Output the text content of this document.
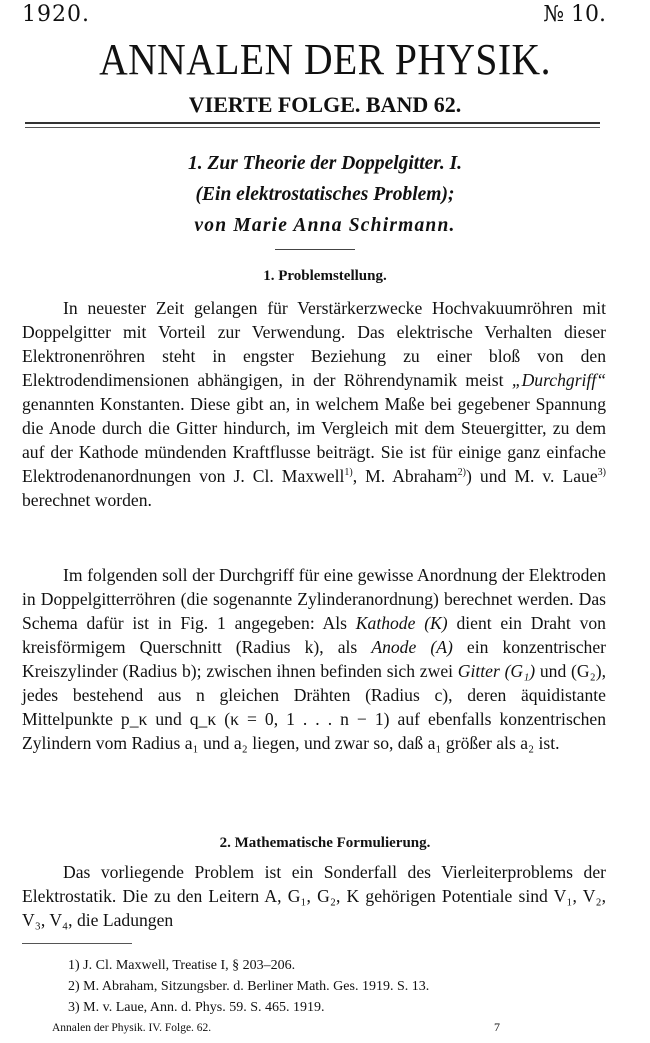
1920.	№ 10.
ANNALEN DER PHYSIK.
VIERTE FOLGE. BAND 62.
1. Zur Theorie der Doppelgitter. I.
(Ein elektrostatisches Problem);
von Marie Anna Schirmann.
1. Problemstellung.
In neuester Zeit gelangen für Verstärkerzwecke Hochvakuumröhren mit Doppelgitter mit Vorteil zur Verwendung. Das elektrische Verhalten dieser Elektronenröhren steht in engster Beziehung zu einer bloß von den Elektrodendimensionen abhängigen, in der Röhrendynamik meist „Durchgriff“ genannten Konstanten. Diese gibt an, in welchem Maße bei gegebener Spannung die Anode durch die Gitter hindurch, im Vergleich mit dem Steuergitter, zu dem auf der Kathode mündenden Kraftflusse beiträgt. Sie ist für einige ganz einfache Elektrodenanordnungen von J. Cl. Maxwell$^{1)}$, M. Abraham$^{2)}$) und M. v. Laue$^{3)}$ berechnet worden.
Im folgenden soll der Durchgriff für eine gewisse Anordnung der Elektroden in Doppelgitterröhren (die sogenannte Zylinderanordnung) berechnet werden. Das Schema dafür ist in Fig. 1 angegeben: Als Kathode (K) dient ein Draht von kreisförmigem Querschnitt (Radius k), als Anode (A) ein konzentrischer Kreiszylinder (Radius b); zwischen ihnen befinden sich zwei Gitter (G₁) und (G₂), jedes bestehend aus n gleichen Drähten (Radius c), deren äquidistante Mittelpunkte p_κ und q_κ (κ = 0, 1 . . . n − 1) auf ebenfalls konzentrischen Zylindern vom Radius a₁ und a₂ liegen, und zwar so, daß a₁ größer als a₂ ist.
2. Mathematische Formulierung.
Das vorliegende Problem ist ein Sonderfall des Vierleiterproblems der Elektrostatik. Die zu den Leitern A, G₁, G₂, K gehörigen Potentiale sind V₁, V₂, V₃, V₄, die Ladungen
1) J. Cl. Maxwell, Treatise I, § 203–206.
2) M. Abraham, Sitzungsber. d. Berliner Math. Ges. 1919. S. 13.
3) M. v. Laue, Ann. d. Phys. 59. S. 465. 1919.
Annalen der Physik. IV. Folge. 62.	7
